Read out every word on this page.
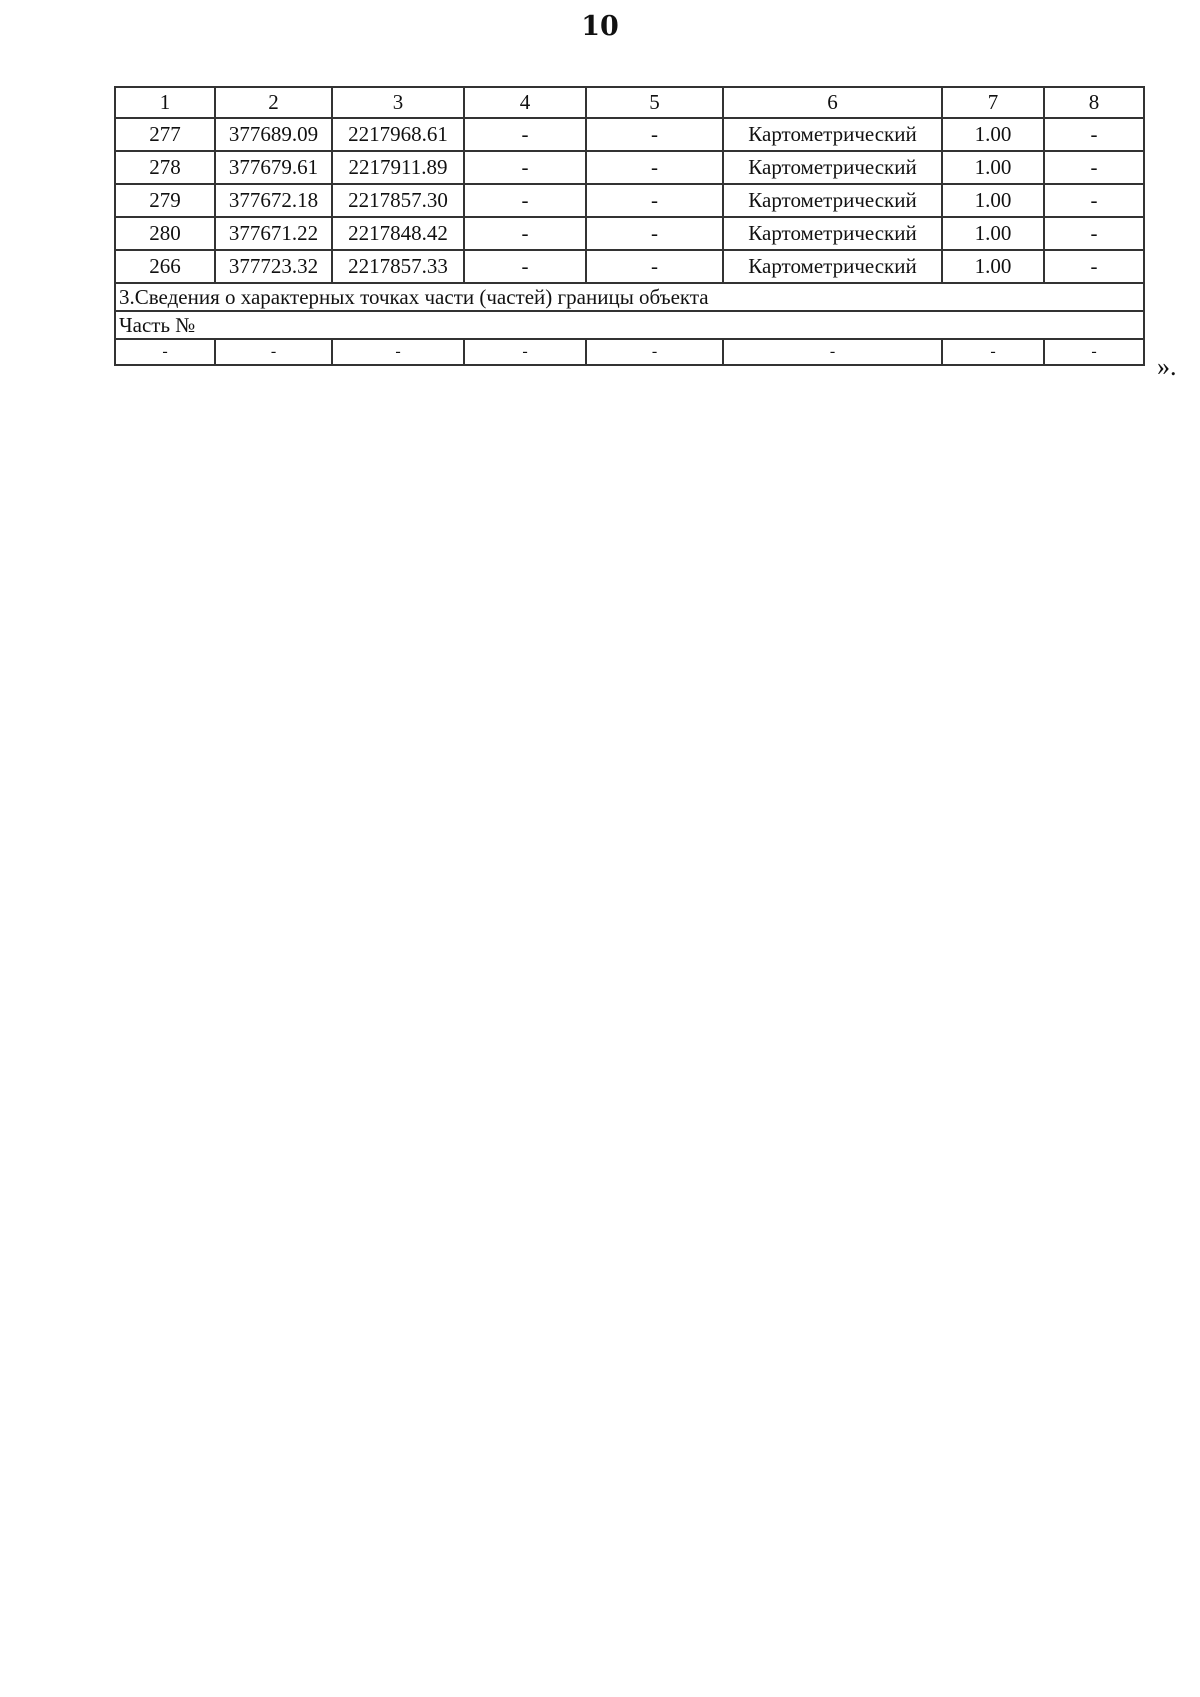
10
1	2	3	4	5	6	7	8
277	377689.09	2217968.61	-	-	Картометрический	1.00	-
278	377679.61	2217911.89	-	-	Картометрический	1.00	-
279	377672.18	2217857.30	-	-	Картометрический	1.00	-
280	377671.22	2217848.42	-	-	Картометрический	1.00	-
266	377723.32	2217857.33	-	-	Картометрический	1.00	-
3.Сведения о характерных точках части (частей) границы объекта							
Часть №							
-	-	-	-	-	-	-	-
».
